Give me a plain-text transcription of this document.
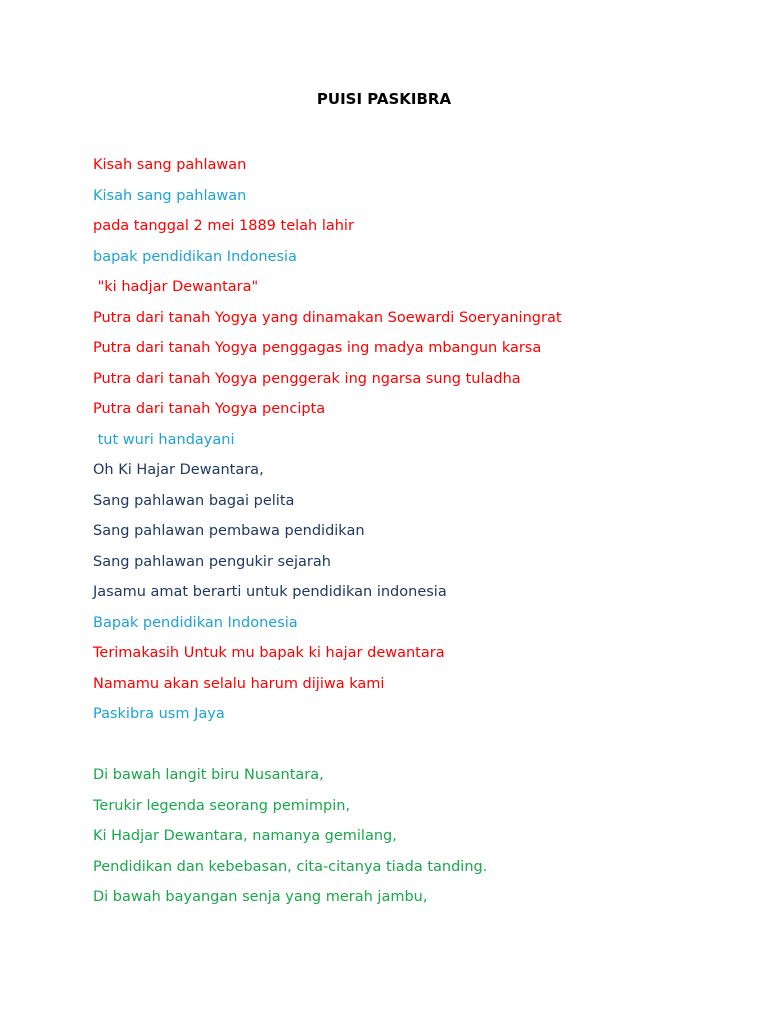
PUISI PASKIBRA

Kisah sang pahlawan

Kisah sang pahlawan

pada tanggal 2 mei 1889 telah lahir

bapak pendidikan Indonesia

"ki hadjar Dewantara"

Putra dari tanah Yogya yang dinamakan Soewardi Soeryaningrat

Putra dari tanah Yogya penggagas ing madya mbangun karsa

Putra dari tanah Yogya penggerak ing ngarsa sung tuladha

Putra dari tanah Yogya pencipta

tut wuri handayani

Oh Ki Hajar Dewantara,

Sang pahlawan bagai pelita

Sang pahlawan pembawa pendidikan

Sang pahlawan pengukir sejarah

Jasamu amat berarti untuk pendidikan indonesia

Bapak pendidikan Indonesia

Terimakasih Untuk mu bapak ki hajar dewantara

Namamu akan selalu harum dijiwa kami

Paskibra usm Jaya

Di bawah langit biru Nusantara,

Terukir legenda seorang pemimpin,

Ki Hadjar Dewantara, namanya gemilang,

Pendidikan dan kebebasan, cita-citanya tiada tanding.

Di bawah bayangan senja yang merah jambu,
